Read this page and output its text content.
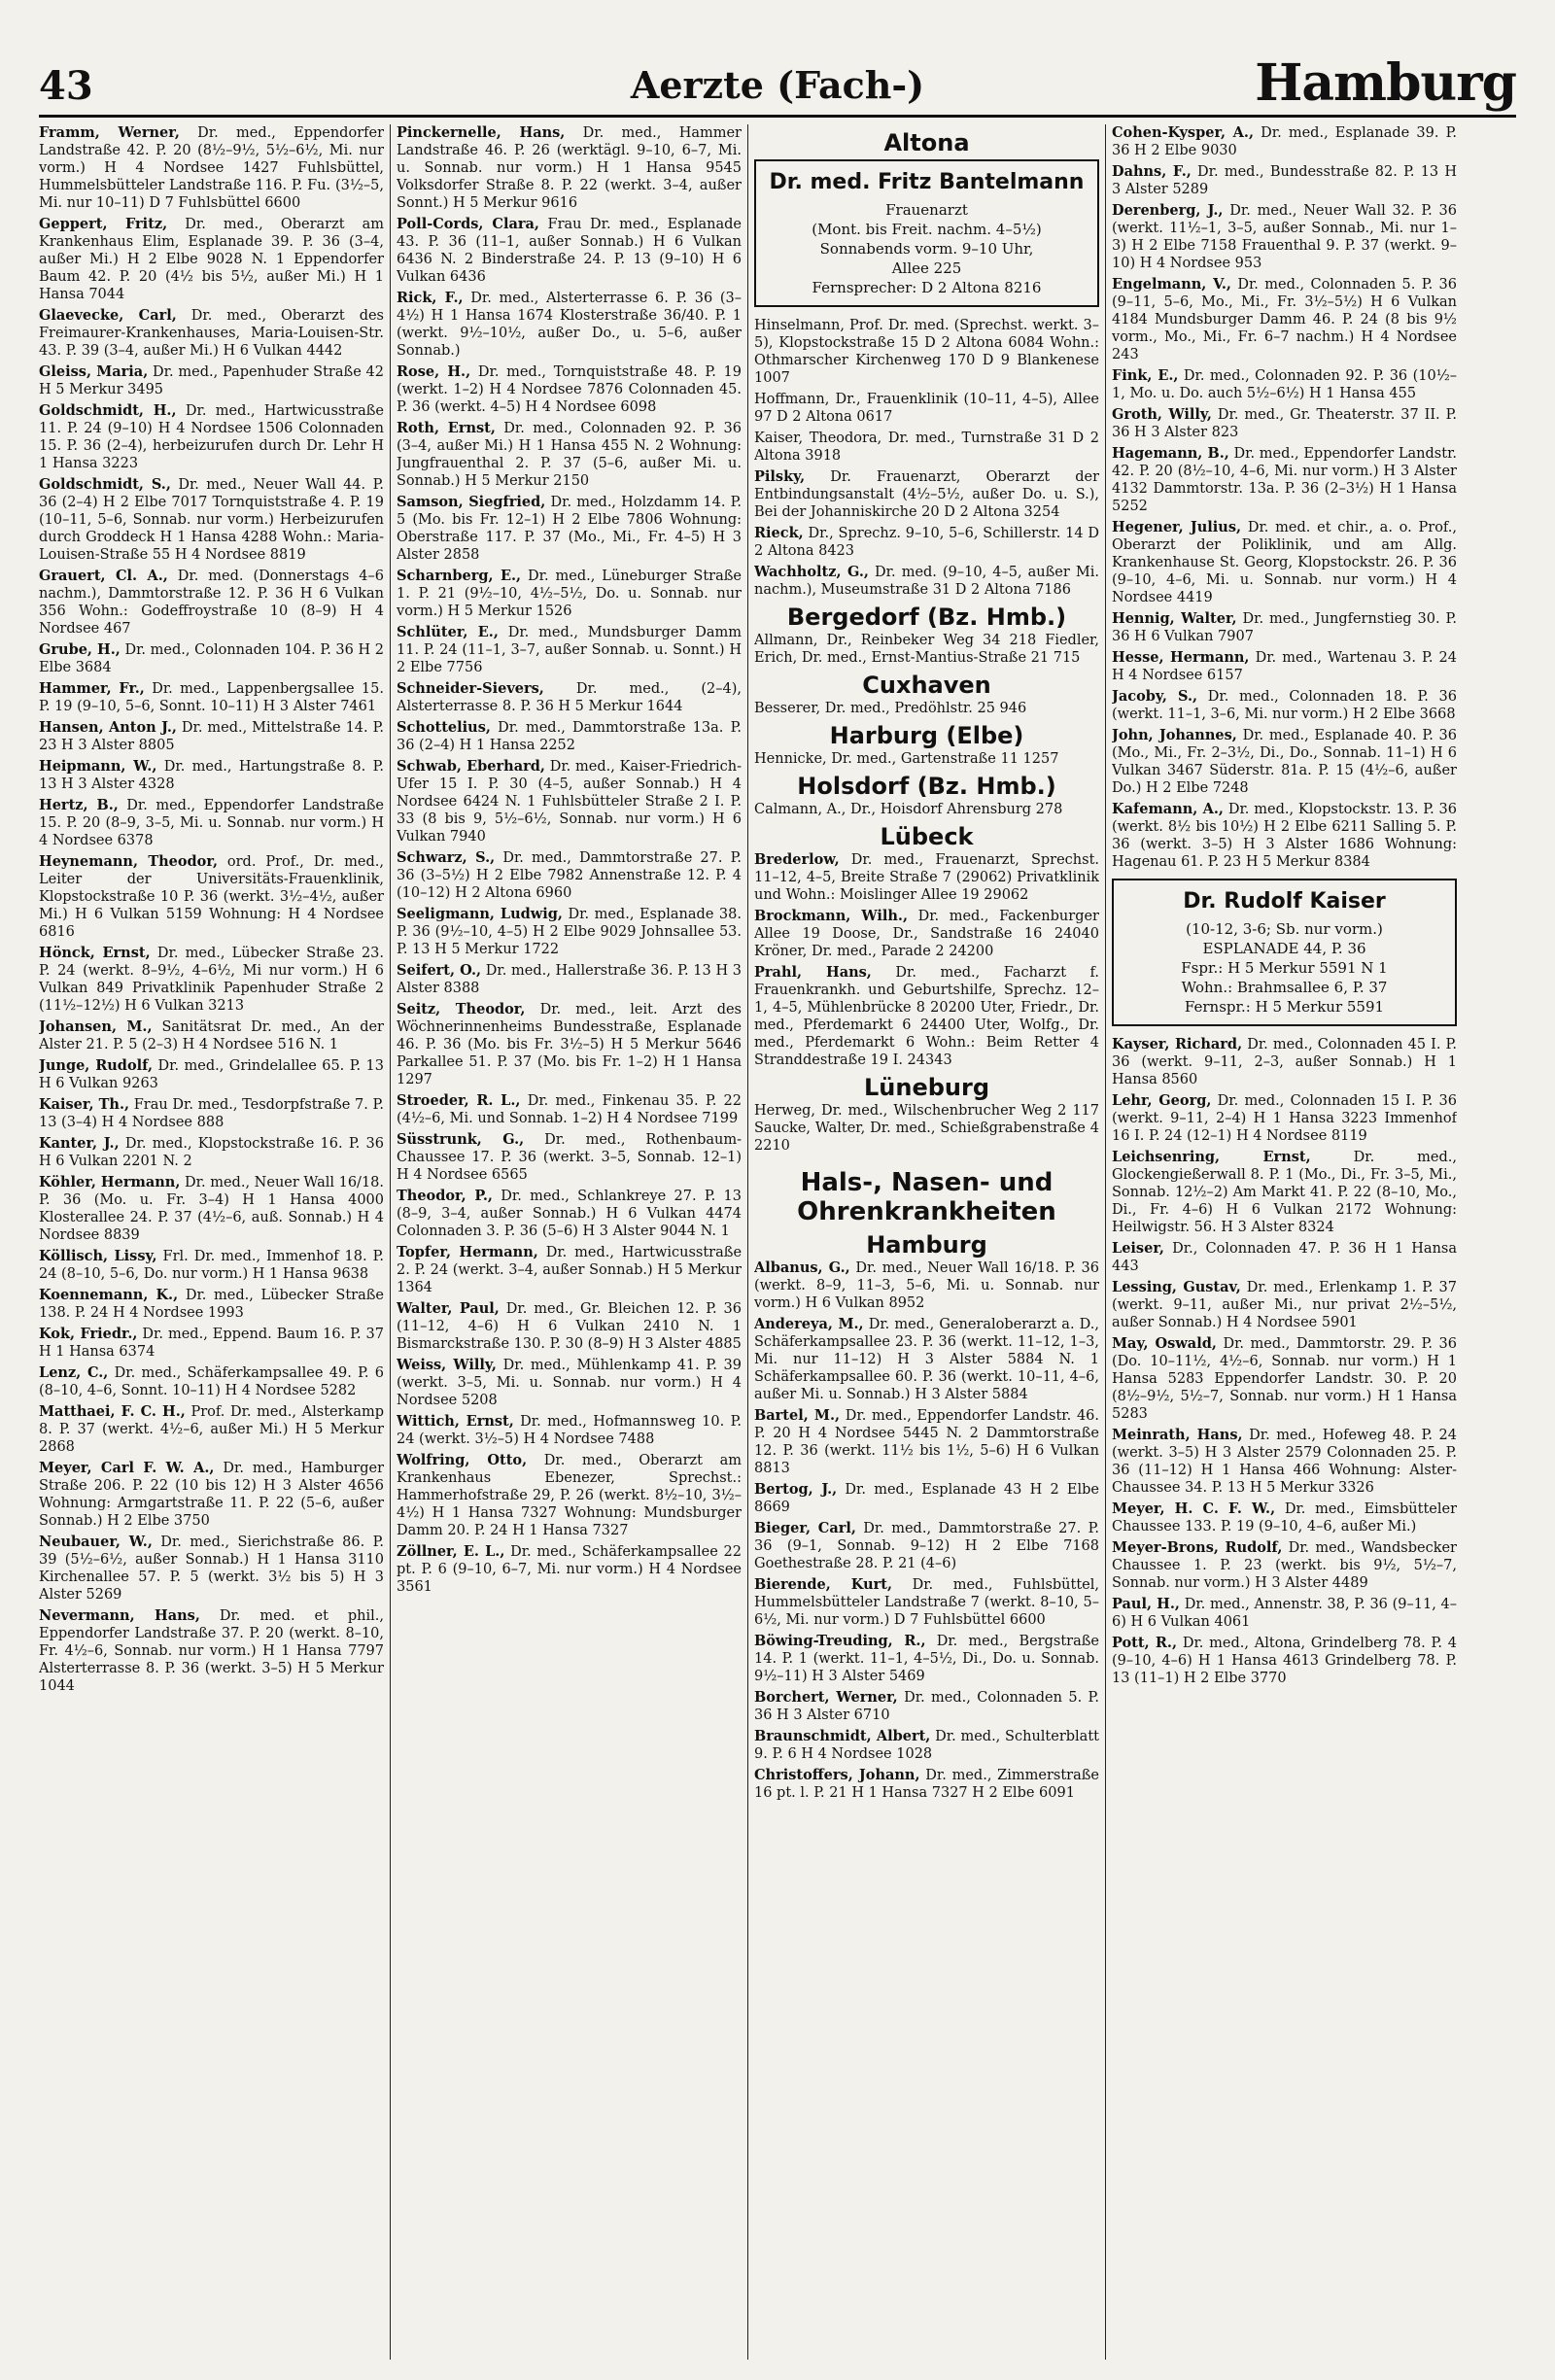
43	Aerzte (Fach-)	Hamburg
Framm, Werner, Dr. med., Eppendorfer Landstraße 42. P. 20 (8½–9½, 5½–6½, Mi. nur vorm.) H 4 Nordsee 1427 Fuhlsbüttel, Hummelsbütteler Landstraße 116. P. Fu. (3½–5, Mi. nur 10–11) D 7 Fuhlsbüttel 6600
Geppert, Fritz, Dr. med., Oberarzt am Krankenhaus Elim, Esplanade 39. P. 36 (3–4, außer Mi.) H 2 Elbe 9028 N. 1 Eppendorfer Baum 42. P. 20 (4½ bis 5½, außer Mi.) H 1 Hansa 7044
Glaevecke, Carl, Dr. med., Oberarzt des Freimaurer-Krankenhauses, Maria-Louisen-Str. 43. P. 39 (3–4, außer Mi.) H 6 Vulkan 4442
Gleiss, Maria, Dr. med., Papenhuder Straße 42 H 5 Merkur 3495
Goldschmidt, H., Dr. med., Hartwicusstraße 11. P. 24 (9–10) H 4 Nordsee 1506 Colonnaden 15. P. 36 (2–4), herbeizurufen durch Dr. Lehr H 1 Hansa 3223
Goldschmidt, S., Dr. med., Neuer Wall 44. P. 36 (2–4) H 2 Elbe 7017 Tornquiststraße 4. P. 19 (10–11, 5–6, Sonnab. nur vorm.) Herbeizurufen durch Groddeck H 1 Hansa 4288 Wohn.: Maria-Louisen-Straße 55 H 4 Nordsee 8819
Grauert, Cl. A., Dr. med. (Donnerstags 4–6 nachm.), Dammtorstraße 12. P. 36 H 6 Vulkan 356 Wohn.: Godeffroystraße 10 (8–9) H 4 Nordsee 467
Grube, H., Dr. med., Colonnaden 104. P. 36 H 2 Elbe 3684
Hammer, Fr., Dr. med., Lappenbergsallee 15. P. 19 (9–10, 5–6, Sonnt. 10–11) H 3 Alster 7461
Hansen, Anton J., Dr. med., Mittelstraße 14. P. 23 H 3 Alster 8805
Heipmann, W., Dr. med., Hartungstraße 8. P. 13 H 3 Alster 4328
Hertz, B., Dr. med., Eppendorfer Landstraße 15. P. 20 (8–9, 3–5, Mi. u. Sonnab. nur vorm.) H 4 Nordsee 6378
Heynemann, Theodor, ord. Prof., Dr. med., Leiter der Universitäts-Frauenklinik, Klopstockstraße 10 P. 36 (werkt. 3½–4½, außer Mi.) H 6 Vulkan 5159 Wohnung: H 4 Nordsee 6816
Hönck, Ernst, Dr. med., Lübecker Straße 23. P. 24 (werkt. 8–9½, 4–6½, Mi nur vorm.) H 6 Vulkan 849 Privatklinik Papenhuder Straße 2 (11½–12½) H 6 Vulkan 3213
Johansen, M., Sanitätsrat Dr. med., An der Alster 21. P. 5 (2–3) H 4 Nordsee 516 N. 1
Junge, Rudolf, Dr. med., Grindelallee 65. P. 13 H 6 Vulkan 9263
Kaiser, Th., Frau Dr. med., Tesdorpfstraße 7. P. 13 (3–4) H 4 Nordsee 888
Kanter, J., Dr. med., Klopstockstraße 16. P. 36 H 6 Vulkan 2201 N. 2
Köhler, Hermann, Dr. med., Neuer Wall 16/18. P. 36 (Mo. u. Fr. 3–4) H 1 Hansa 4000 Klosterallee 24. P. 37 (4½–6, auß. Sonnab.) H 4 Nordsee 8839
Köllisch, Lissy, Frl. Dr. med., Immenhof 18. P. 24 (8–10, 5–6, Do. nur vorm.) H 1 Hansa 9638
Koennemann, K., Dr. med., Lübecker Straße 138. P. 24 H 4 Nordsee 1993
Kok, Friedr., Dr. med., Eppend. Baum 16. P. 37 H 1 Hansa 6374
Lenz, C., Dr. med., Schäferkampsallee 49. P. 6 (8–10, 4–6, Sonnt. 10–11) H 4 Nordsee 5282
Matthaei, F. C. H., Prof. Dr. med., Alsterkamp 8. P. 37 (werkt. 4½–6, außer Mi.) H 5 Merkur 2868
Meyer, Carl F. W. A., Dr. med., Hamburger Straße 206. P. 22 (10 bis 12) H 3 Alster 4656 Wohnung: Armgartstraße 11. P. 22 (5–6, außer Sonnab.) H 2 Elbe 3750
Neubauer, W., Dr. med., Sierichstraße 86. P. 39 (5½–6½, außer Sonnab.) H 1 Hansa 3110 Kirchenallee 57. P. 5 (werkt. 3½ bis 5) H 3 Alster 5269
Nevermann, Hans, Dr. med. et phil., Eppendorfer Landstraße 37. P. 20 (werkt. 8–10, Fr. 4½–6, Sonnab. nur vorm.) H 1 Hansa 7797 Alsterterrasse 8. P. 36 (werkt. 3–5) H 5 Merkur 1044
Pinckernelle, Hans, Dr. med., Hammer Landstraße 46. P. 26 (werktägl. 9–10, 6–7, Mi. u. Sonnab. nur vorm.) H 1 Hansa 9545 Volksdorfer Straße 8. P. 22 (werkt. 3–4, außer Sonnt.) H 5 Merkur 9616
Poll-Cords, Clara, Frau Dr. med., Esplanade 43. P. 36 (11–1, außer Sonnab.) H 6 Vulkan 6436 N. 2 Binderstraße 24. P. 13 (9–10) H 6 Vulkan 6436
Rick, F., Dr. med., Alsterterrasse 6. P. 36 (3–4½) H 1 Hansa 1674 Klosterstraße 36/40. P. 1 (werkt. 9½–10½, außer Do., u. 5–6, außer Sonnab.)
Rose, H., Dr. med., Tornquiststraße 48. P. 19 (werkt. 1–2) H 4 Nordsee 7876 Colonnaden 45. P. 36 (werkt. 4–5) H 4 Nordsee 6098
Roth, Ernst, Dr. med., Colonnaden 92. P. 36 (3–4, außer Mi.) H 1 Hansa 455 N. 2 Wohnung: Jungfrauenthal 2. P. 37 (5–6, außer Mi. u. Sonnab.) H 5 Merkur 2150
Samson, Siegfried, Dr. med., Holzdamm 14. P. 5 (Mo. bis Fr. 12–1) H 2 Elbe 7806 Wohnung: Oberstraße 117. P. 37 (Mo., Mi., Fr. 4–5) H 3 Alster 2858
Scharnberg, E., Dr. med., Lüneburger Straße 1. P. 21 (9½–10, 4½–5½, Do. u. Sonnab. nur vorm.) H 5 Merkur 1526
Schlüter, E., Dr. med., Mundsburger Damm 11. P. 24 (11–1, 3–7, außer Sonnab. u. Sonnt.) H 2 Elbe 7756
Schneider-Sievers, Dr. med., (2–4), Alsterterrasse 8. P. 36 H 5 Merkur 1644
Schottelius, Dr. med., Dammtorstraße 13a. P. 36 (2–4) H 1 Hansa 2252
Schwab, Eberhard, Dr. med., Kaiser-Friedrich-Ufer 15 I. P. 30 (4–5, außer Sonnab.) H 4 Nordsee 6424 N. 1 Fuhlsbütteler Straße 2 I. P. 33 (8 bis 9, 5½–6½, Sonnab. nur vorm.) H 6 Vulkan 7940
Schwarz, S., Dr. med., Dammtorstraße 27. P. 36 (3–5½) H 2 Elbe 7982 Annenstraße 12. P. 4 (10–12) H 2 Altona 6960
Seeligmann, Ludwig, Dr. med., Esplanade 38. P. 36 (9½–10, 4–5) H 2 Elbe 9029 Johnsallee 53. P. 13 H 5 Merkur 1722
Seifert, O., Dr. med., Hallerstraße 36. P. 13 H 3 Alster 8388
Seitz, Theodor, Dr. med., leit. Arzt des Wöchnerinnenheims Bundesstraße, Esplanade 46. P. 36 (Mo. bis Fr. 3½–5) H 5 Merkur 5646 Parkallee 51. P. 37 (Mo. bis Fr. 1–2) H 1 Hansa 1297
Stroeder, R. L., Dr. med., Finkenau 35. P. 22 (4½–6, Mi. und Sonnab. 1–2) H 4 Nordsee 7199
Süsstrunk, G., Dr. med., Rothenbaum-Chaussee 17. P. 36 (werkt. 3–5, Sonnab. 12–1) H 4 Nordsee 6565
Theodor, P., Dr. med., Schlankreye 27. P. 13 (8–9, 3–4, außer Sonnab.) H 6 Vulkan 4474 Colonnaden 3. P. 36 (5–6) H 3 Alster 9044 N. 1
Topfer, Hermann, Dr. med., Hartwicusstraße 2. P. 24 (werkt. 3–4, außer Sonnab.) H 5 Merkur 1364
Walter, Paul, Dr. med., Gr. Bleichen 12. P. 36 (11–12, 4–6) H 6 Vulkan 2410 N. 1 Bismarckstraße 130. P. 30 (8–9) H 3 Alster 4885
Weiss, Willy, Dr. med., Mühlenkamp 41. P. 39 (werkt. 3–5, Mi. u. Sonnab. nur vorm.) H 4 Nordsee 5208
Wittich, Ernst, Dr. med., Hofmannsweg 10. P. 24 (werkt. 3½–5) H 4 Nordsee 7488
Wolfring, Otto, Dr. med., Oberarzt am Krankenhaus Ebenezer, Sprechst.: Hammerhofstraße 29, P. 26 (werkt. 8½–10, 3½–4½) H 1 Hansa 7327 Wohnung: Mundsburger Damm 20. P. 24 H 1 Hansa 7327
Zöllner, E. L., Dr. med., Schäferkampsallee 22 pt. P. 6 (9–10, 6–7, Mi. nur vorm.) H 4 Nordsee 3561
Altona
Dr. med. Fritz Bantelmann
Frauenarzt
(Mont. bis Freit. nachm. 4–5½)
Sonnabends vorm. 9–10 Uhr,
Allee 225
Fernsprecher: D 2 Altona 8216
Hinselmann, Prof. Dr. med. (Sprechst. werkt. 3–5), Klopstockstraße 15 D 2 Altona 6084 Wohn.: Othmarscher Kirchenweg 170 D 9 Blankenese 1007
Hoffmann, Dr., Frauenklinik (10–11, 4–5), Allee 97 D 2 Altona 0617
Kaiser, Theodora, Dr. med., Turnstraße 31 D 2 Altona 3918
Pilsky, Dr. Frauenarzt, Oberarzt der Entbindungsanstalt (4½–5½, außer Do. u. S.), Bei der Johanniskirche 20 D 2 Altona 3254
Rieck, Dr., Sprechz. 9–10, 5–6, Schillerstr. 14 D 2 Altona 8423
Wachholtz, G., Dr. med. (9–10, 4–5, außer Mi. nachm.), Museumstraße 31 D 2 Altona 7186
Bergedorf (Bz. Hmb.)
Allmann, Dr., Reinbeker Weg 34 218 Fiedler, Erich, Dr. med., Ernst-Mantius-Straße 21 715
Cuxhaven
Besserer, Dr. med., Predöhlstr. 25 946
Harburg (Elbe)
Hennicke, Dr. med., Gartenstraße 11 1257
Holsdorf (Bz. Hmb.)
Calmann, A., Dr., Hoisdorf Ahrensburg 278
Lübeck
Brederlow, Dr. med., Frauenarzt, Sprechst. 11–12, 4–5, Breite Straße 7 (29062) Privatklinik und Wohn.: Moislinger Allee 19 29062
Brockmann, Wilh., Dr. med., Fackenburger Allee 19 Doose, Dr., Sandstraße 16 24040 Kröner, Dr. med., Parade 2 24200
Prahl, Hans, Dr. med., Facharzt f. Frauenkrankh. und Geburtshilfe, Sprechz. 12–1, 4–5, Mühlenbrücke 8 20200 Uter, Friedr., Dr. med., Pferdemarkt 6 24400 Uter, Wolfg., Dr. med., Pferdemarkt 6 Wohn.: Beim Retter 4 Stranddestraße 19 I. 24343
Lüneburg
Herweg, Dr. med., Wilschenbrucher Weg 2 117 Saucke, Walter, Dr. med., Schießgrabenstraße 4 2210
Hals-, Nasen- und Ohrenkrankheiten
Hamburg
Albanus, G., Dr. med., Neuer Wall 16/18. P. 36 (werkt. 8–9, 11–3, 5–6, Mi. u. Sonnab. nur vorm.) H 6 Vulkan 8952
Andereya, M., Dr. med., Generaloberarzt a. D., Schäferkampsallee 23. P. 36 (werkt. 11–12, 1–3, Mi. nur 11–12) H 3 Alster 5884 N. 1 Schäferkampsallee 60. P. 36 (werkt. 10–11, 4–6, außer Mi. u. Sonnab.) H 3 Alster 5884
Bartel, M., Dr. med., Eppendorfer Landstr. 46. P. 20 H 4 Nordsee 5445 N. 2 Dammtorstraße 12. P. 36 (werkt. 11½ bis 1½, 5–6) H 6 Vulkan 8813
Bertog, J., Dr. med., Esplanade 43 H 2 Elbe 8669
Bieger, Carl, Dr. med., Dammtorstraße 27. P. 36 (9–1, Sonnab. 9–12) H 2 Elbe 7168 Goethestraße 28. P. 21 (4–6)
Bierende, Kurt, Dr. med., Fuhlsbüttel, Hummelsbütteler Landstraße 7 (werkt. 8–10, 5–6½, Mi. nur vorm.) D 7 Fuhlsbüttel 6600
Böwing-Treuding, R., Dr. med., Bergstraße 14. P. 1 (werkt. 11–1, 4–5½, Di., Do. u. Sonnab. 9½–11) H 3 Alster 5469
Borchert, Werner, Dr. med., Colonnaden 5. P. 36 H 3 Alster 6710
Braunschmidt, Albert, Dr. med., Schulterblatt 9. P. 6 H 4 Nordsee 1028
Christoffers, Johann, Dr. med., Zimmerstraße 16 pt. l. P. 21 H 1 Hansa 7327 H 2 Elbe 6091
Cohen-Kysper, A., Dr. med., Esplanade 39. P. 36 H 2 Elbe 9030
Dahns, F., Dr. med., Bundesstraße 82. P. 13 H 3 Alster 5289
Derenberg, J., Dr. med., Neuer Wall 32. P. 36 (werkt. 11½–1, 3–5, außer Sonnab., Mi. nur 1–3) H 2 Elbe 7158 Frauenthal 9. P. 37 (werkt. 9–10) H 4 Nordsee 953
Engelmann, V., Dr. med., Colonnaden 5. P. 36 (9–11, 5–6, Mo., Mi., Fr. 3½–5½) H 6 Vulkan 4184 Mundsburger Damm 46. P. 24 (8 bis 9½ vorm., Mo., Mi., Fr. 6–7 nachm.) H 4 Nordsee 243
Fink, E., Dr. med., Colonnaden 92. P. 36 (10½–1, Mo. u. Do. auch 5½–6½) H 1 Hansa 455
Groth, Willy, Dr. med., Gr. Theaterstr. 37 II. P. 36 H 3 Alster 823
Hagemann, B., Dr. med., Eppendorfer Landstr. 42. P. 20 (8½–10, 4–6, Mi. nur vorm.) H 3 Alster 4132 Dammtorstr. 13a. P. 36 (2–3½) H 1 Hansa 5252
Hegener, Julius, Dr. med. et chir., a. o. Prof., Oberarzt der Poliklinik, und am Allg. Krankenhause St. Georg, Klopstockstr. 26. P. 36 (9–10, 4–6, Mi. u. Sonnab. nur vorm.) H 4 Nordsee 4419
Hennig, Walter, Dr. med., Jungfernstieg 30. P. 36 H 6 Vulkan 7907
Hesse, Hermann, Dr. med., Wartenau 3. P. 24 H 4 Nordsee 6157
Jacoby, S., Dr. med., Colonnaden 18. P. 36 (werkt. 11–1, 3–6, Mi. nur vorm.) H 2 Elbe 3668
John, Johannes, Dr. med., Esplanade 40. P. 36 (Mo., Mi., Fr. 2–3½, Di., Do., Sonnab. 11–1) H 6 Vulkan 3467 Süderstr. 81a. P. 15 (4½–6, außer Do.) H 2 Elbe 7248
Kafemann, A., Dr. med., Klopstockstr. 13. P. 36 (werkt. 8½ bis 10½) H 2 Elbe 6211 Salling 5. P. 36 (werkt. 3–5) H 3 Alster 1686 Wohnung: Hagenau 61. P. 23 H 5 Merkur 8384
Dr. Rudolf Kaiser
(10-12, 3-6; Sb. nur vorm.)
ESPLANADE 44, P. 36
Fspr.: H 5 Merkur 5591 N 1
Wohn.: Brahmsallee 6, P. 37
Fernspr.: H 5 Merkur 5591
Kayser, Richard, Dr. med., Colonnaden 45 I. P. 36 (werkt. 9–11, 2–3, außer Sonnab.) H 1 Hansa 8560
Lehr, Georg, Dr. med., Colonnaden 15 I. P. 36 (werkt. 9–11, 2–4) H 1 Hansa 3223 Immenhof 16 I. P. 24 (12–1) H 4 Nordsee 8119
Leichsenring, Ernst,	Dr. med., Glockengießerwall 8. P. 1 (Mo., Di., Fr. 3–5, Mi., Sonnab. 12½–2) Am Markt 41. P. 22 (8–10, Mo., Di., Fr. 4–6) H 6 Vulkan 2172 Wohnung: Heilwigstr. 56. H 3 Alster 8324
Leiser, Dr., Colonnaden 47. P. 36 H 1 Hansa 443
Lessing, Gustav, Dr. med., Erlenkamp 1. P. 37 (werkt. 9–11, außer Mi., nur privat 2½–5½, außer Sonnab.) H 4 Nordsee 5901
May, Oswald, Dr. med., Dammtorstr. 29. P. 36 (Do. 10–11½, 4½–6, Sonnab. nur vorm.) H 1 Hansa 5283 Eppendorfer Landstr. 30. P. 20 (8½–9½, 5½–7, Sonnab. nur vorm.) H 1 Hansa 5283
Meinrath, Hans, Dr. med., Hofeweg 48. P. 24 (werkt. 3–5) H 3 Alster 2579 Colonnaden 25. P. 36 (11–12) H 1 Hansa 466 Wohnung: Alster-Chaussee 34. P. 13 H 5 Merkur 3326
Meyer, H. C. F. W., Dr. med., Eimsbütteler Chaussee 133. P. 19 (9–10, 4–6, außer Mi.)
Meyer-Brons, Rudolf, Dr. med., Wandsbecker Chaussee 1. P. 23 (werkt. bis 9½, 5½–7, Sonnab. nur vorm.) H 3 Alster 4489
Paul, H., Dr. med., Annenstr. 38, P. 36 (9–11, 4–6) H 6 Vulkan 4061
Pott, R., Dr. med., Altona, Grindelberg 78. P. 4 (9–10, 4–6) H 1 Hansa 4613 Grindelberg 78. P. 13 (11–1) H 2 Elbe 3770
